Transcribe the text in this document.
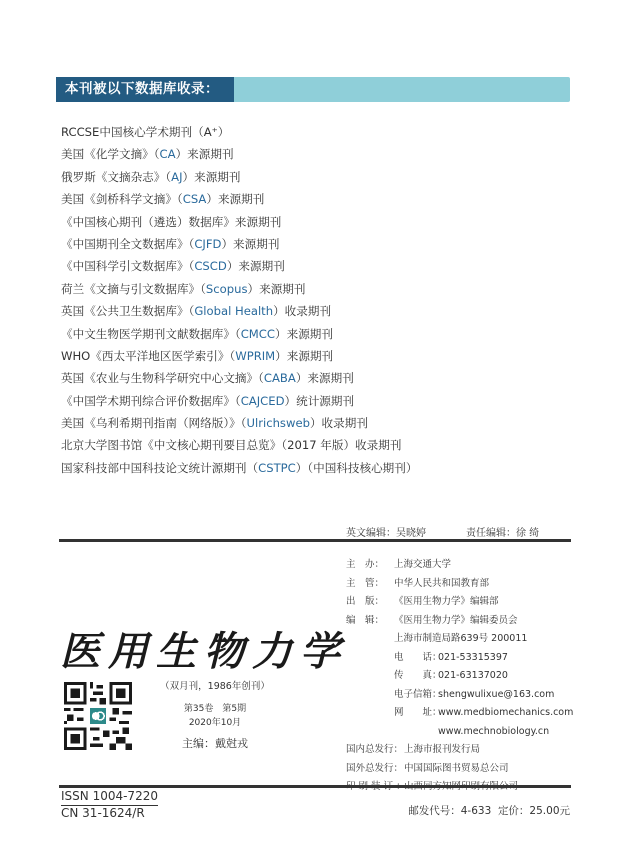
本刊被以下数据库收录：
RCCSE中国核心学术期刊（A⁺）
美国《化学文摘》（CA）来源期刊
俄罗斯《文摘杂志》（AJ）来源期刊
美国《剑桥科学文摘》（CSA）来源期刊
《中国核心期刊（遴选）数据库》来源期刊
《中国期刊全文数据库》（CJFD）来源期刊
《中国科学引文数据库》（CSCD）来源期刊
荷兰《文摘与引文数据库》（Scopus）来源期刊
英国《公共卫生数据库》（Global Health）收录期刊
《中文生物医学期刊文献数据库》（CMCC）来源期刊
WHO《西太平洋地区医学索引》（WPRIM）来源期刊
英国《农业与生物科学研究中心文摘》（CABA）来源期刊
《中国学术期刊综合评价数据库》（CAJCED）统计源期刊
美国《乌利希期刊指南（网络版）》（Ulrichsweb）收录期刊
北京大学图书馆《中文核心期刊要目总览》（2017 年版）收录期刊
国家科技部中国科技论文统计源期刊（CSTPC）（中国科技核心期刊）
英文编辑：吴晓婷	责任编辑：徐 绮
主　办： 上海交通大学
主　管： 中华人民共和国教育部
出　版： 《医用生物力学》编辑部
编　辑： 《医用生物力学》编辑委员会
上海市制造局路639号 200011
电　　话：021-53315397
传　　真：021-63137020
电子信箱：shengwulixue@163.com
网　　址：www.medbiomechanics.com
www.mechnobiology.cn
国内总发行：上海市报刊发行局
国外总发行：中国国际图书贸易总公司
医用生物力学
（双月刊，1986年创刊）
第35卷　第5期
2020年10月
主编：戴尅戎
ISSN 1004-7220
CN 31-1624/R	邮发代号：4-633 定价：25.00元
